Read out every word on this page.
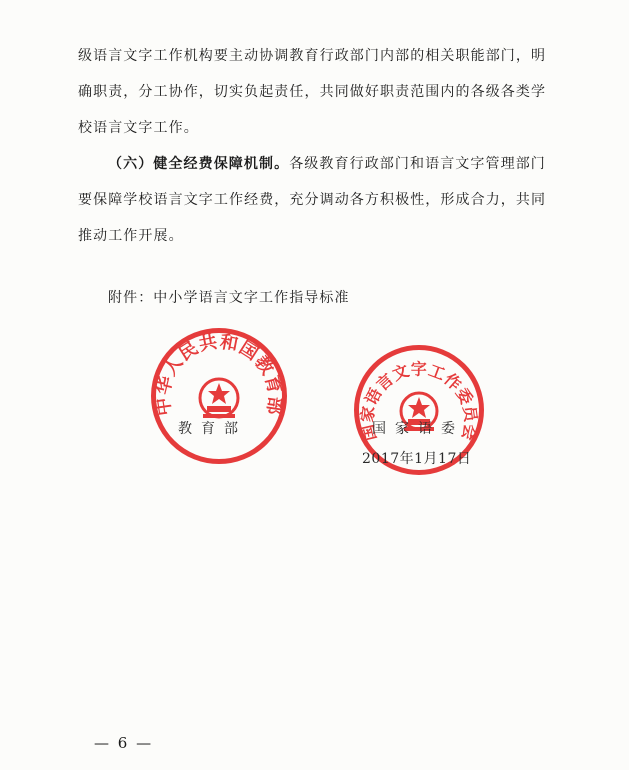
级语言文字工作机构要主动协调教育行政部门内部的相关职能部门，明确职责，分工协作，切实负起责任，共同做好职责范围内的各级各类学校语言文字工作。

（六）健全经费保障机制。各级教育行政部门和语言文字管理部门要保障学校语言文字工作经费，充分调动各方积极性，形成合力，共同推动工作开展。

附件：中小学语言文字工作指导标准
中华人民共和国教育部
国家语言文字工作委员会
教育部	国家语委
2017年1月17日
— 6 —
